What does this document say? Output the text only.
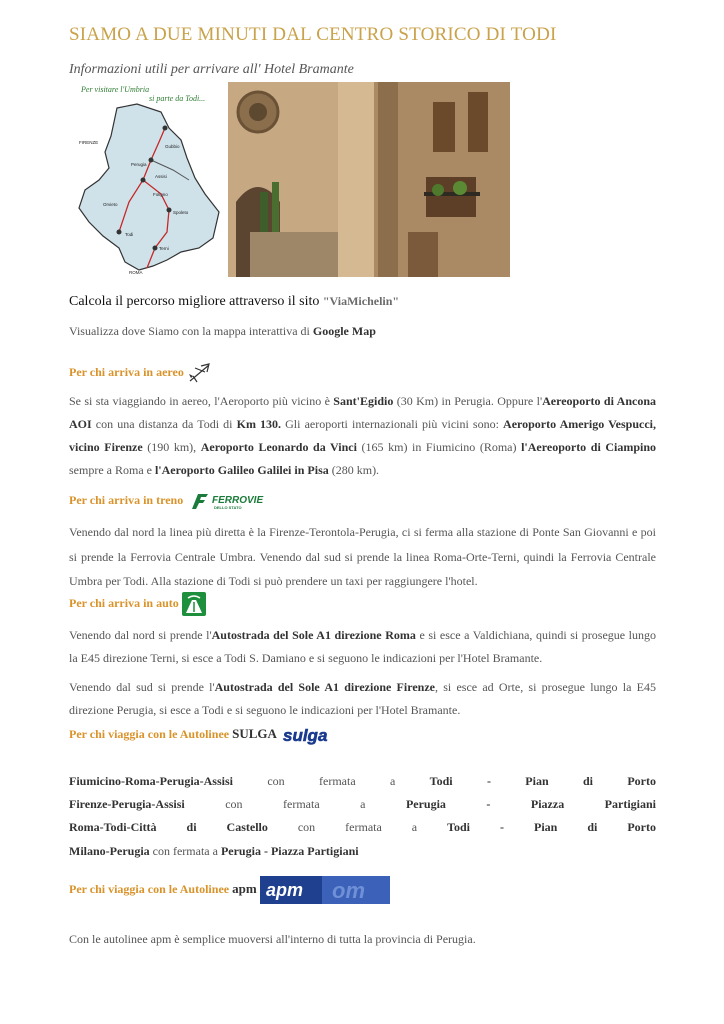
SIAMO A DUE MINUTI DAL CENTRO STORICO DI TODI
Informazioni utili per arrivare all' Hotel Bramante
Per visitare l'Umbria
si parte da Todi...
FIRENZE
Gubbio
Perugia
Assisi
Foligno
Spoleto
Orvieto
Todi
Terni
ROMA
Calcola il percorso migliore attraverso il sito "ViaMichelin"
Visualizza dove Siamo con la mappa interattiva di Google Map
Per chi arriva in aereo
Se si sta viaggiando in aereo, l'Aeroporto più vicino è Sant'Egidio (30 Km) in Perugia. Oppure l'Aereoporto di Ancona AOI con una distanza da Todi di Km 130. Gli aeroporti internazionali più vicini sono: Aeroporto Amerigo Vespucci, vicino Firenze (190 km), Aeroporto Leonardo da Vinci (165 km) in Fiumicino (Roma) l'Aereoporto di Ciampino sempre a Roma e l'Aeroporto Galileo Galilei in Pisa (280 km).
Per chi arriva in treno	FERROVIE
DELLO STATO
Venendo dal nord la linea più diretta è la Firenze-Terontola-Perugia, ci si ferma alla stazione di Ponte San Giovanni e poi si prende la Ferrovia Centrale Umbra. Venendo dal sud si prende la linea Roma-Orte-Terni, quindi la Ferrovia Centrale Umbra per Todi. Alla stazione di Todi si può prendere un taxi per raggiungere l'hotel.
Per chi arriva in auto
Venendo dal nord si prende l'Autostrada del Sole A1 direzione Roma e si esce a Valdichiana, quindi si prosegue lungo la E45 direzione Terni, si esce a Todi S. Damiano e si seguono le indicazioni per l'Hotel Bramante.
Venendo dal sud si prende l'Autostrada del Sole A1 direzione Firenze, si esce ad Orte, si prosegue lungo la E45 direzione Perugia, si esce a Todi e si seguono le indicazioni per l'Hotel Bramante.
Per chi viaggia con le Autolinee SULGA sulga
Fiumicino-Roma-Perugia-Assisi	con	fermata	a	Todi	-	Pian	di	Porto
Firenze-Perugia-Assisi	con	fermata	a	Perugia	-	Piazza	Partigiani
Roma-Todi-Città di Castello con fermata a Todi - Pian di Porto
Milano-Perugia con fermata a Perugia - Piazza Partigiani
Per chi viaggia con le Autolinee apm apm om
Con le autolinee apm è semplice muoversi all'interno di tutta la provincia di Perugia.
